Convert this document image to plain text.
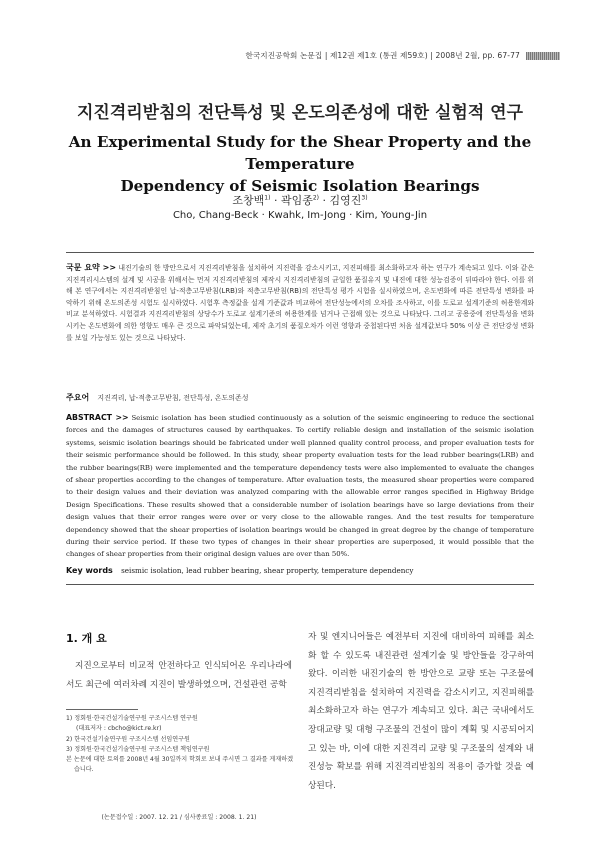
한국지진공학회 논문집 | 제12권 제1호 (통권 제59호) | 2008년 2월, pp. 67-77
지진격리받침의 전단특성 및 온도의존성에 대한 실험적 연구
An Experimental Study for the Shear Property and the Temperature
Dependency of Seismic Isolation Bearings
조창백$^{1)}$ · 곽임종$^{2)}$ · 김영진$^{3)}$
Cho, Chang-Beck · Kwahk, Im-Jong · Kim, Young-Jin
국문 요약 >> 내진기술의 한 방안으로서 지진격리받침을 설치하여 지진력을 감소시키고, 지진피해를 최소화하고자 하는 연구가 계속되고 있다. 이와 같은 지진격리시스템의 설계 및 시공을 위해서는 먼저 지진격리받침의 제작시 지진격리받침의 균일한 품질유지 및 내진에 대한 성능검증이 뒤따라야 한다. 이를 위해 본 연구에서는 지진격리받침인 납-적층고무받침(LRB)와 적층고무받침(RB)의 전단특성 평가 시험을 실시하였으며, 온도변화에 따른 전단특성 변화를 파악하기 위해 온도의존성 시험도 실시하였다. 시험후 측정값을 설계 기준값과 비교하여 전단성능에서의 오차를 조사하고, 이를 도로교 설계기준의 허용한계와 비교 분석하였다. 시험결과 지진격리받침의 상당수가 도로교 설계기준의 허용한계를 넘거나 근접해 있는 것으로 나타났다. 그리고 공용중에 전단특성을 변화시키는 온도변화에 의한 영향도 매우 큰 것으로 파악되었는데, 제작 초기의 품질오차가 이런 영향과 중첩된다면 처음 설계값보다 50% 이상 큰 전단강성 변화를 보일 가능성도 있는 것으로 나타났다.
주요어 지진격리, 납-적층고무받침, 전단특성, 온도의존성
ABSTRACT >> Seismic isolation has been studied continuously as a solution of the seismic engineering to reduce the sectional forces and the damages of structures caused by earthquakes. To certify reliable design and installation of the seismic isolation systems, seismic isolation bearings should be fabricated under well planned quality control process, and proper evaluation tests for their seismic performance should be followed. In this study, shear property evaluation tests for the lead rubber bearings(LRB) and the rubber bearings(RB) were implemented and the temperature dependency tests were also implemented to evaluate the changes of shear properties according to the changes of temperature. After evaluation tests, the measured shear properties were compared to their design values and their deviation was analyzed comparing with the allowable error ranges specified in Highway Bridge Design Specifications. These results showed that a considerable number of isolation bearings have so large deviations from their design values that their error ranges were over or very close to the allowable ranges. And the test results for temperature dependency showed that the shear properties of isolation bearings would be changed in great degree by the change of temperature during their service period. If these two types of changes in their shear properties are superposed, it would possible that the changes of shear properties from their original design values are over than 50%.
Key words seismic isolation, lead rubber bearing, shear property, temperature dependency
1. 개 요
지진으로부터 비교적 안전하다고 인식되어온 우리나라에서도 최근에 여러차례 지진이 발생하였으며, 건설관련 공학
자 및 엔지니어들은 예전부터 지진에 대비하여 피해를 최소화 할 수 있도록 내진관련 설계기술 및 방안들을 강구하여 왔다. 이러한 내진기술의 한 방안으로 교량 또는 구조물에 지진격리받침을 설치하여 지진력을 감소시키고, 지진피해를 최소화하고자 하는 연구가 계속되고 있다. 최근 국내에서도 장대교량 및 대형 구조물의 건설이 많이 계획 및 시공되어지고 있는 바, 이에 대한 지진격리 교량 및 구조물의 설계와 내진성능 확보를 위해 지진격리받침의 적용이 증가할 것을 예상된다.

1) 정회원·한국건설기술연구원 구조시스템 연구원

(대표저자 : cbcho@kict.re.kr)

2) 한국건설기술연구원 구조시스템 선임연구원

3) 정회원·한국건설기술연구원 구조시스템 책임연구원

본 논문에 대한 토의를 2008년 4월 30일까지 학회로 보내 주시면 그 결과를 게재하겠습니다.

(논문접수일 : 2007. 12. 21 / 심사종료일 : 2008. 1. 21)
